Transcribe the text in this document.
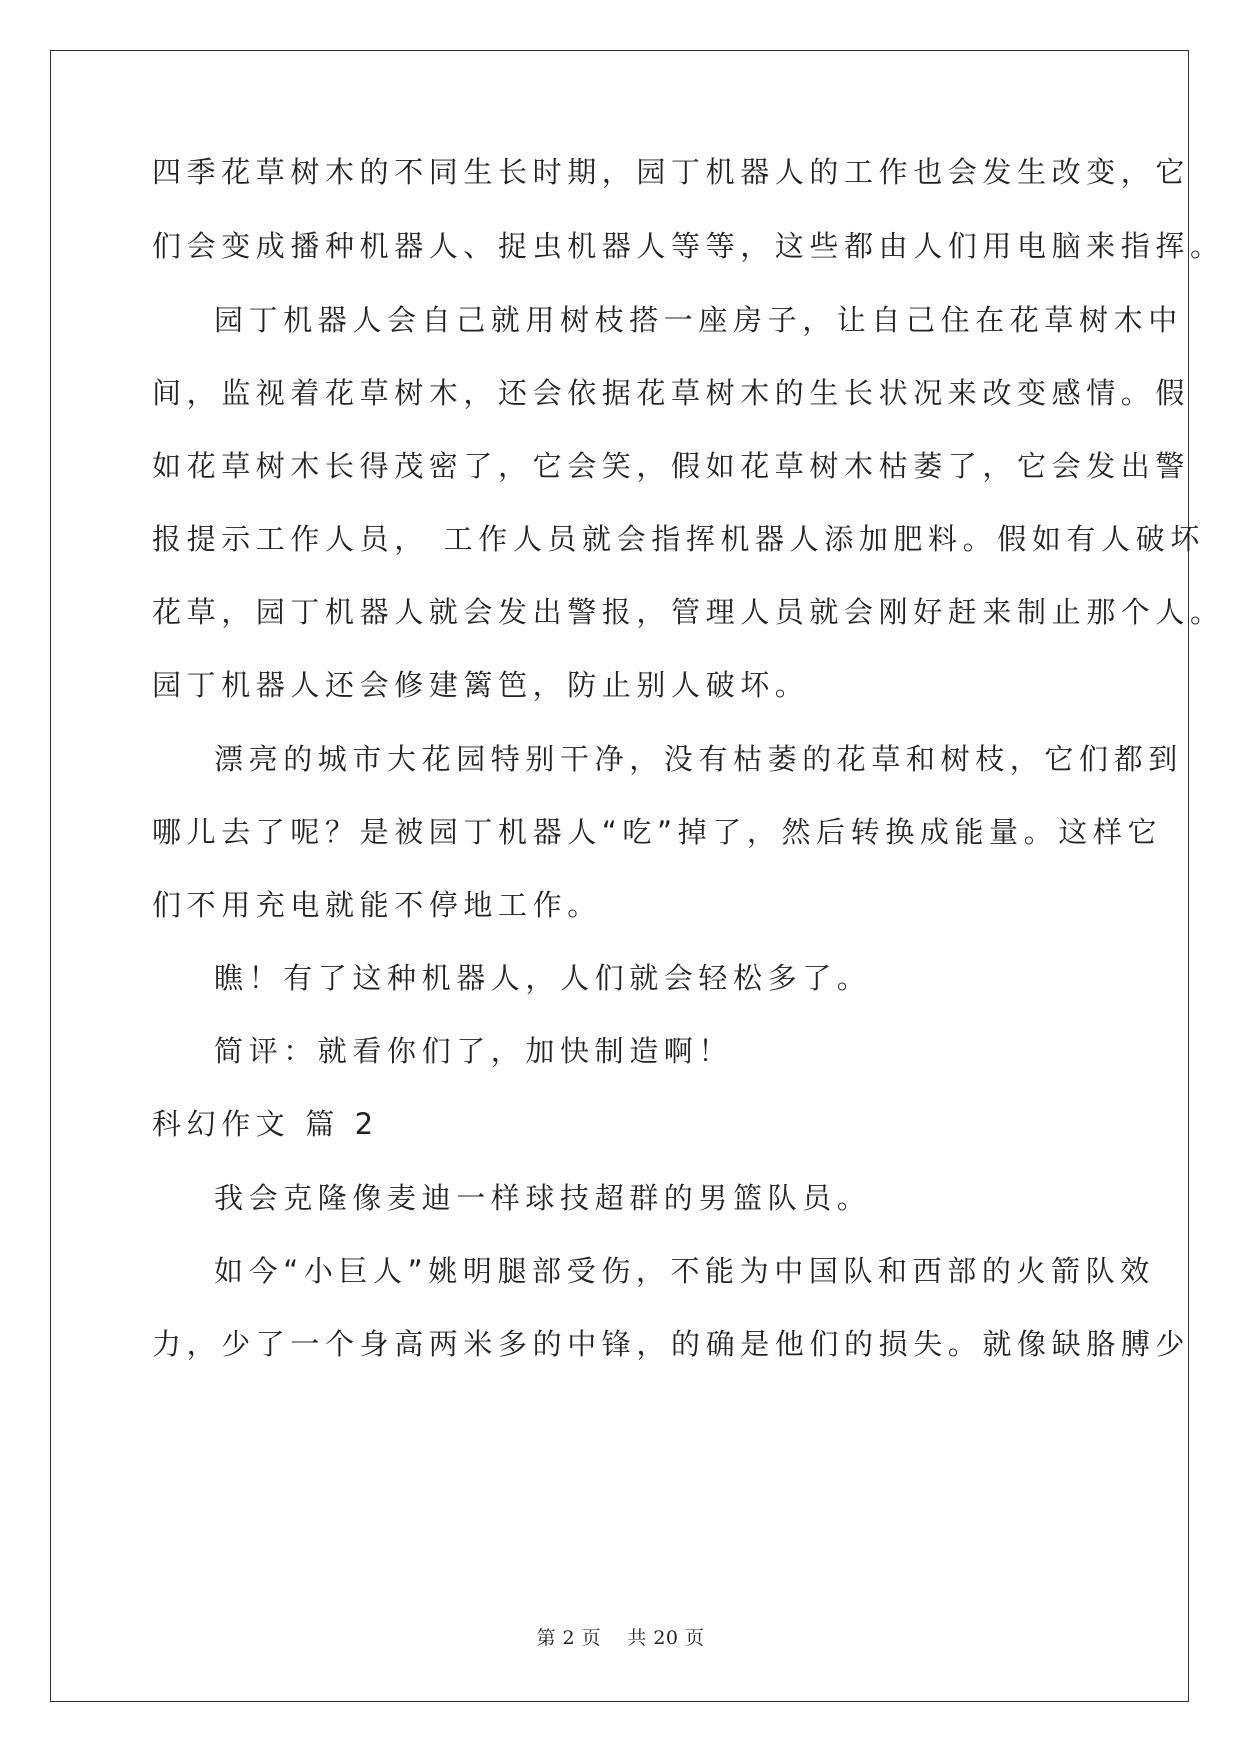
四季花草树木的不同生长时期，园丁机器人的工作也会发生改变，它
们会变成播种机器人、捉虫机器人等等，这些都由人们用电脑来指挥。
园丁机器人会自己就用树枝搭一座房子，让自己住在花草树木中
间，监视着花草树木，还会依据花草树木的生长状况来改变感情。假
如花草树木长得茂密了，它会笑，假如花草树木枯萎了，它会发出警
报提示工作人员， 工作人员就会指挥机器人添加肥料。假如有人破坏
花草，园丁机器人就会发出警报，管理人员就会刚好赶来制止那个人。
园丁机器人还会修建篱笆，防止别人破坏。
漂亮的城市大花园特别干净，没有枯萎的花草和树枝，它们都到
哪儿去了呢？是被园丁机器人“吃”掉了，然后转换成能量。这样它
们不用充电就能不停地工作。
瞧！有了这种机器人，人们就会轻松多了。
简评：就看你们了，加快制造啊！
科幻作文 篇 2
我会克隆像麦迪一样球技超群的男篮队员。
如今“小巨人”姚明腿部受伤，不能为中国队和西部的火箭队效
力，少了一个身高两米多的中锋，的确是他们的损失。就像缺胳膊少
第 2 页    共 20 页
